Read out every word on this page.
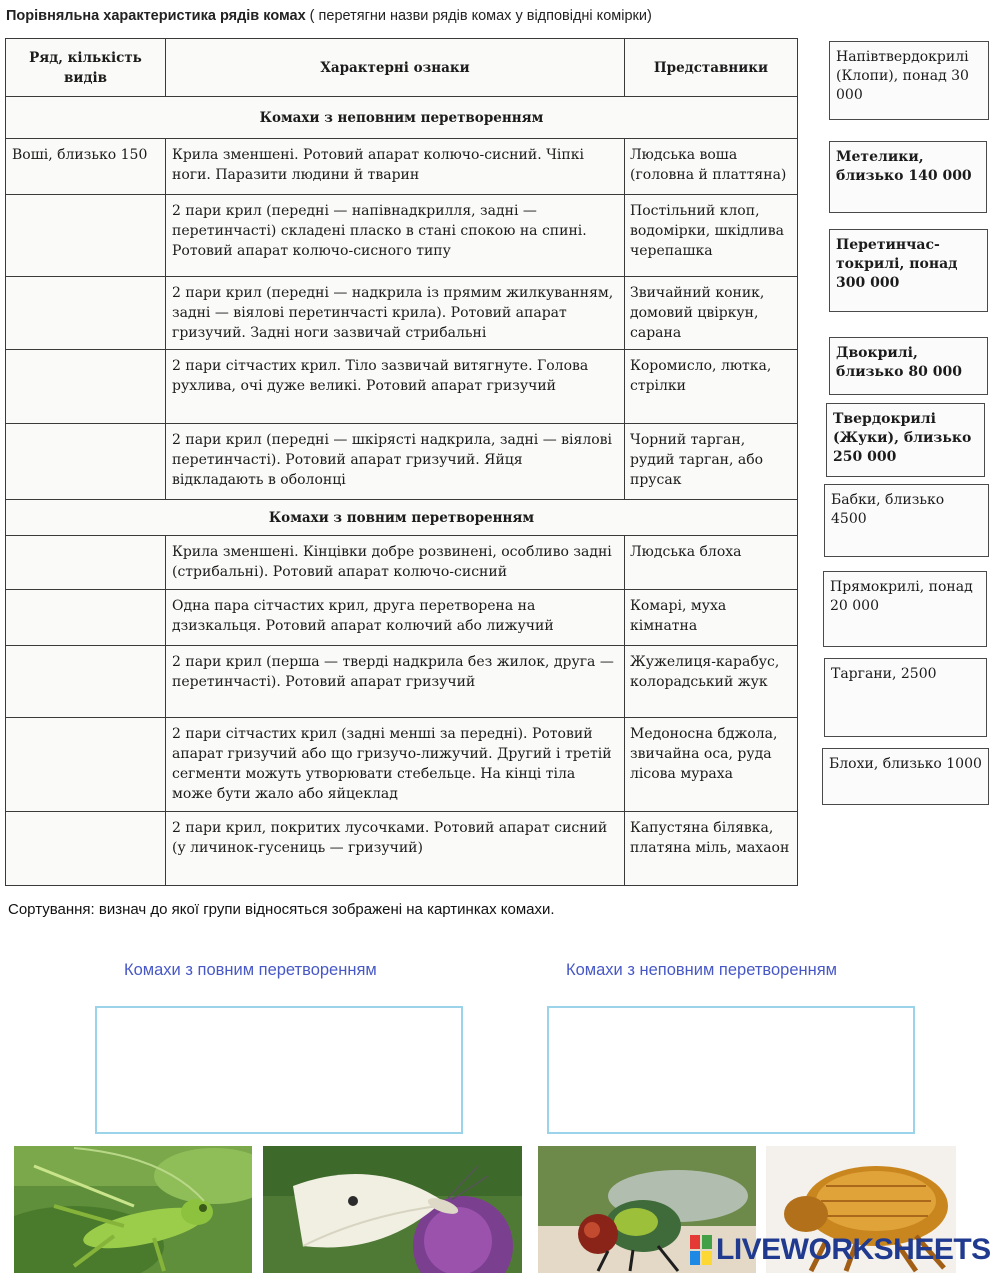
Порівняльна характеристика рядів комах ( перетягни назви рядів комах у відповідні комірки)
Ряд, кількість видів	Характерні ознаки	Представники
Комахи з неповним перетворенням		
Воші, близько 150	Крила зменшені. Ротовий апарат колючо-сисний. Чіпкі ноги. Паразити людини й тварин	Людська воша (головна й платтяна)
	2 пари крил (передні — напівнадкрилля, задні — перетинчасті) складені пласко в стані спокою на спині. Ротовий апарат колючо-сисного типу	Постільний клоп, водомірки, шкідлива черепашка
	2 пари крил (передні — надкрила із прямим жилкуванням, задні — віялові перетинчасті крила). Ротовий апарат гризучий. Задні ноги зазвичай стрибальні	Звичайний коник, домовий цвіркун, сарана
	2 пари сітчастих крил. Тіло зазвичай витягнуте. Голова рухлива, очі дуже великі. Ротовий апарат гризучий	Коромисло, лютка, стрілки
	2 пари крил (передні — шкірясті надкрила, задні — віялові перетинчасті). Ротовий апарат гризучий. Яйця відкладають в оболонці	Чорний тарган, рудий тарган, або прусак
Комахи з повним перетворенням		
	Крила зменшені. Кінцівки добре розвинені, особливо задні (стрибальні). Ротовий апарат колючо-сисний	Людська блоха
	Одна пара сітчастих крил, друга перетворена на дзизкальця. Ротовий апарат колючий або лижучий	Комарі, муха кімнатна
	2 пари крил (перша — тверді надкрила без жилок, друга — перетинчасті). Ротовий апарат гризучий	Жужелиця-карабус, колорадський жук
	2 пари сітчастих крил (задні менші за передні). Ротовий апарат гризучий або що гризучо-лижучий. Другий і третій сегменти можуть утворювати стебельце. На кінці тіла може бути жало або яйцеклад	Медоносна бджола, звичайна оса, руда лісова мураха
	2 пари крил, покритих лусочками. Ротовий апарат сисний (у личинок-гусениць — гризучий)	Капустяна білявка, платяна міль, махаон
Напівтвердокрилі (Клопи), понад 30 000
Метелики, близько 140 000
Перетинчас-токрилі, понад 300 000
Двокрилі, близько 80 000
Твердокрилі (Жуки), близько 250 000
Бабки, близько 4500
Прямокрилі, понад 20 000
Таргани, 2500
Блохи, близько 1000
Сортування: визнач до якої групи відносяться зображені на картинках комахи.
Комахи з повним перетворенням	Комахи з неповним перетворенням
LIVEWORKSHEETS
